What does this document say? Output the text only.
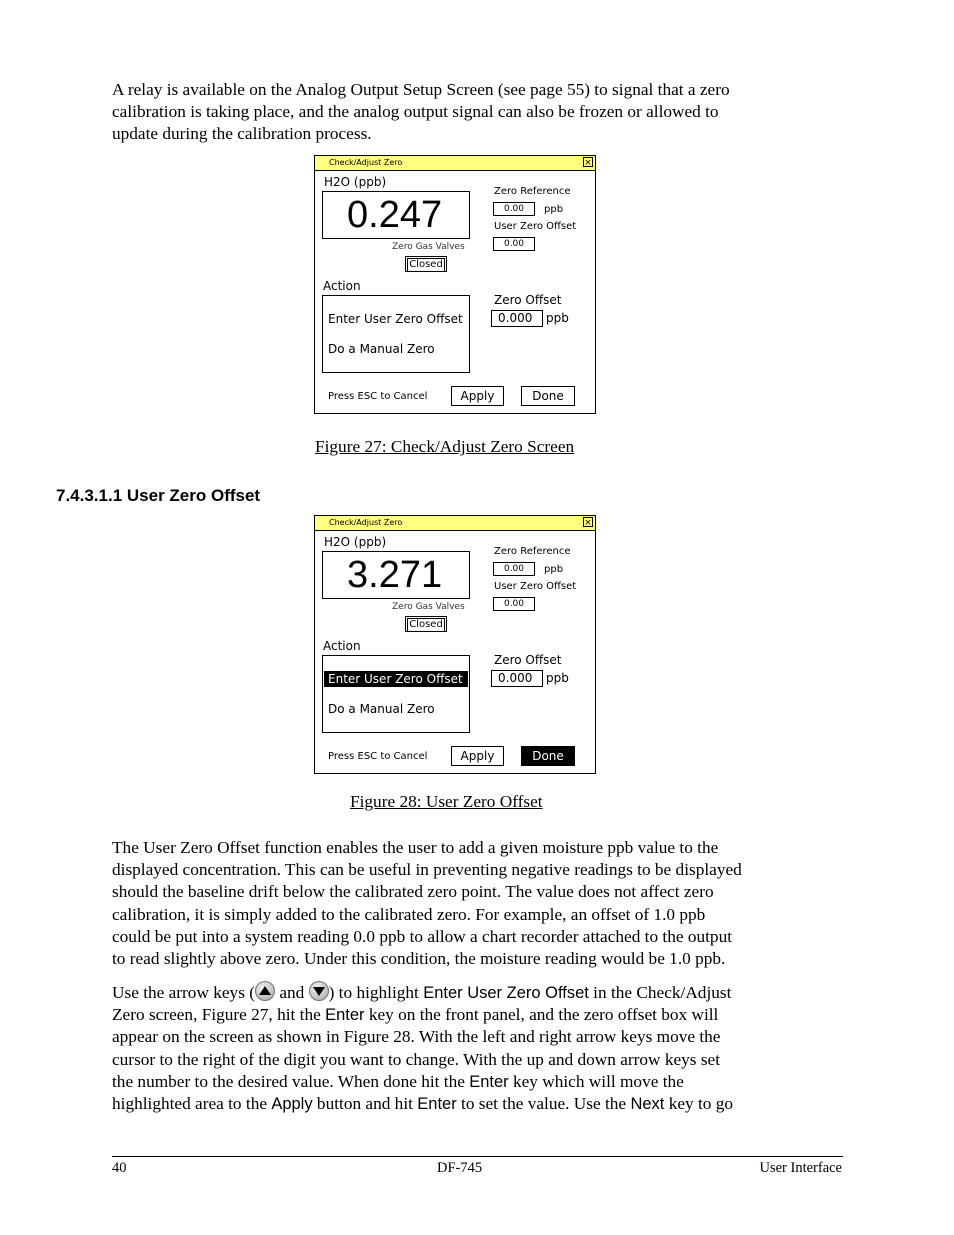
A relay is available on the Analog Output Setup Screen (see page 55) to signal that a zero
calibration is taking place, and the analog output signal can also be frozen or allowed to
update during the calibration process.
Check/Adjust Zero	×
H2O (ppb)
0.247
Zero Gas Valves
Closed
Zero Reference
0.00	ppb
User Zero Offset
0.00
Action
Enter User Zero Offset
Do a Manual Zero
Zero Offset
0.000	ppb
Press ESC to Cancel	Apply	Done
Figure 27: Check/Adjust Zero Screen
7.4.3.1.1 User Zero Offset
Check/Adjust Zero	×
H2O (ppb)
3.271
Zero Gas Valves
Closed
Zero Reference
0.00	ppb
User Zero Offset
0.00
Action
Enter User Zero Offset
Do a Manual Zero
Zero Offset
0.000	ppb
Press ESC to Cancel	Apply	Done
Figure 28: User Zero Offset
The User Zero Offset function enables the user to add a given moisture ppb value to the
displayed concentration. This can be useful in preventing negative readings to be displayed
should the baseline drift below the calibrated zero point. The value does not affect zero
calibration, it is simply added to the calibrated zero. For example, an offset of 1.0 ppb
could be put into a system reading 0.0 ppb to allow a chart recorder attached to the output
to read slightly above zero. Under this condition, the moisture reading would be 1.0 ppb.
Use the arrow keys (
and
) to highlight Enter User Zero Offset in the Check/Adjust
Zero screen, Figure 27, hit the Enter key on the front panel, and the zero offset box will
appear on the screen as shown in Figure 28. With the left and right arrow keys move the
cursor to the right of the digit you want to change. With the up and down arrow keys set
the number to the desired value. When done hit the Enter key which will move the
highlighted area to the Apply button and hit Enter to set the value. Use the Next key to go
40	DF-745	User Interface
